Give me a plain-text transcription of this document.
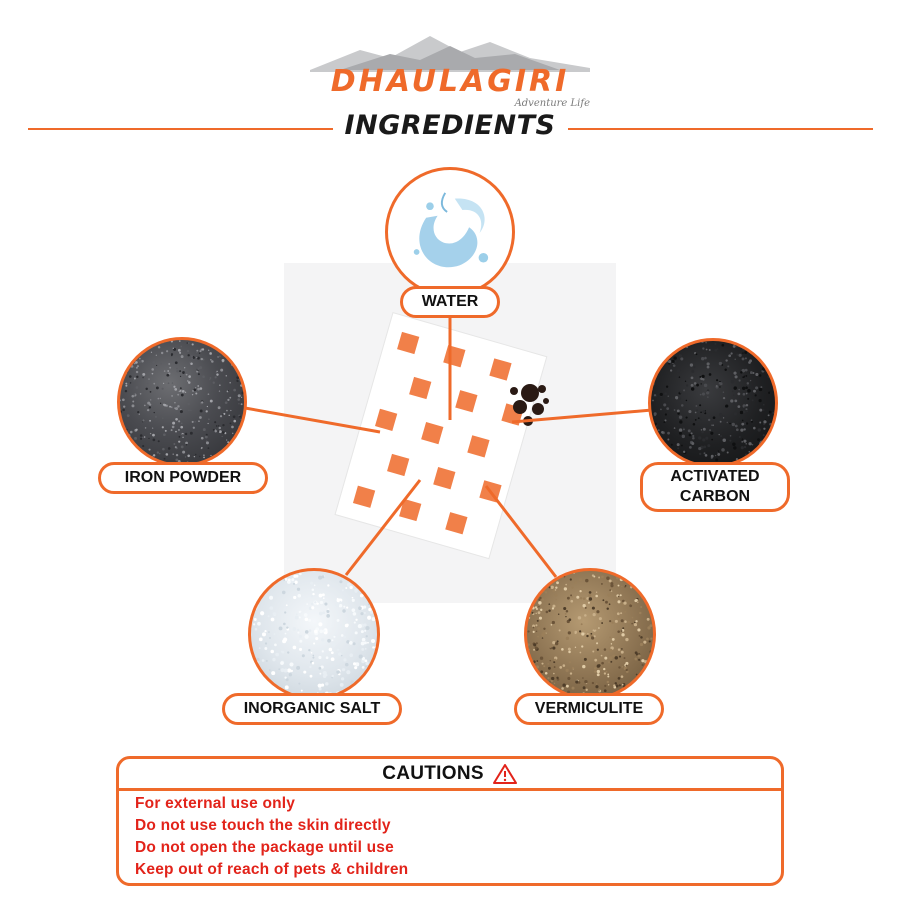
DHAULAGIRI
Adventure Life
INGREDIENTS
WATER
IRON POWDER	ACTIVATED
CARBON
INORGANIC SALT	VERMICULITE
CAUTIONS
For external use only
Do not use touch the skin directly
Do not open the package until use
Keep out of reach of pets & children
